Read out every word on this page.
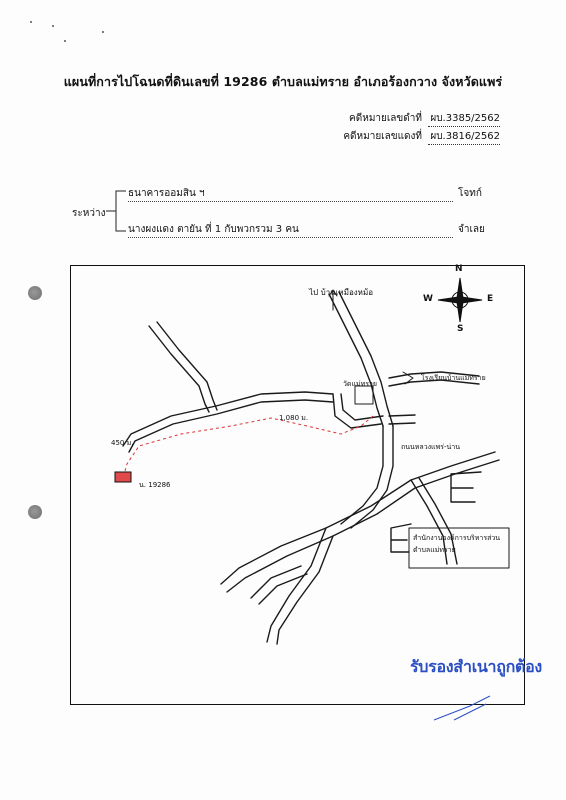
แผนที่การไปโฉนดที่ดินเลขที่ 19286 ตำบลแม่ทราย อำเภอร้องกวาง จังหวัดแพร่
คดีหมายเลขดำที่ ผบ.3385/2562
คดีหมายเลขแดงที่ ผบ.3816/2562
ระหว่าง
ธนาคารออมสิน ฯ	โจทก์
นางผงแดง ตายัน ที่ 1 กับพวกรวม 3 คน	จำเลย
N
S
W	E
ไป บ้านเหมืองหม้อ
โรงเรียนบ้านแม่ทราย
วัดแม่ทราย
1,080 ม.
450 ม.	ถนนหลวงแพร่-น่าน
น. 19286
สำนักงานองค์การบริหารส่วนตำบลแม่ทราย
รับรองสำเนาถูกต้อง
